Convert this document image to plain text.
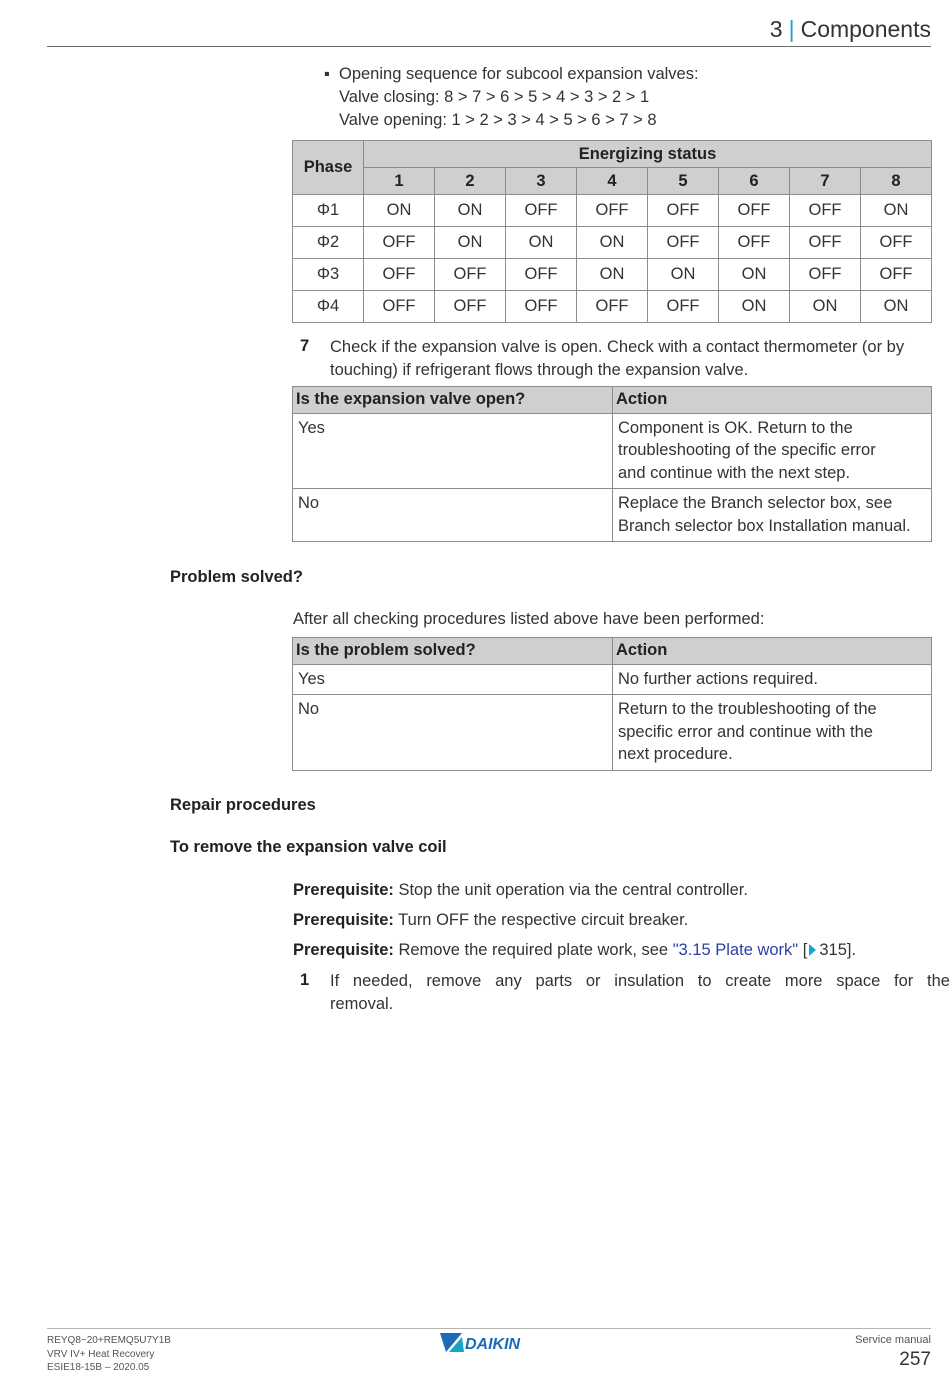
3 | Components
▪ Opening sequence for subcool expansion valves:
Valve closing: 8 > 7 > 6 > 5 > 4 > 3 > 2 > 1
Valve opening: 1 > 2 > 3 > 4 > 5 > 6 > 7 > 8
Phase	Energizing status							
	1	2	3	4	5	6	7	8
Φ1	ON	ON	OFF	OFF	OFF	OFF	OFF	ON
Φ2	OFF	ON	ON	ON	OFF	OFF	OFF	OFF
Φ3	OFF	OFF	OFF	ON	ON	ON	OFF	OFF
Φ4	OFF	OFF	OFF	OFF	OFF	ON	ON	ON
7 Check if the expansion valve is open. Check with a contact thermometer (or by
touching) if refrigerant flows through the expansion valve.
Is the expansion valve open?	Action
Yes	Component is OK. Return to the
troubleshooting of the specific error
and continue with the next step.

No	Replace the Branch selector box, see
Branch selector box Installation manual.
Problem solved?
After all checking procedures listed above have been performed:
Is the problem solved?	Action
Yes	No further actions required.

No	Return to the troubleshooting of the
specific error and continue with the
next procedure.
Repair procedures
To remove the expansion valve coil
Prerequisite: Stop the unit operation via the central controller.
Prerequisite: Turn OFF the respective circuit breaker.
Prerequisite: Remove the required plate work, see "3.15 Plate work" [ 315].
1 If   needed,   remove   any   parts   or   insulation   to   create   more   space   for   the
removal.
REYQ8~20+REMQ5U7Y1B
VRV IV+ Heat Recovery
ESIE18-15B – 2020.05
DAIKIN	Service manual
257
